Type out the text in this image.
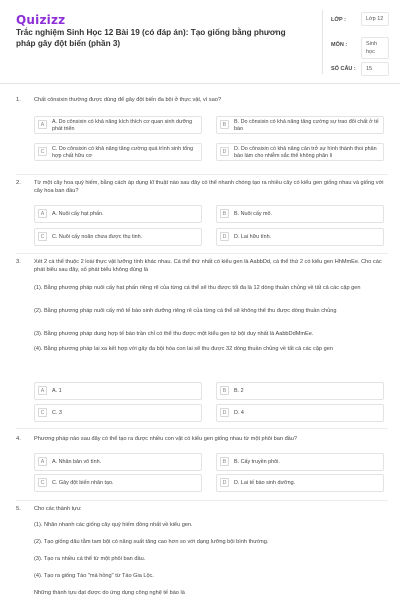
Quizizz
Trắc nghiệm Sinh Học 12 Bài 19 (có đáp án): Tạo giống bằng phương pháp gây đột biến (phần 3)
LỚP :	Lớp 12
MÔN :	Sinh học
SỐ CÂU :	15
1. Chất cônsixin thường được dùng để gây đột biến đa bội ở thực vật, vì sao?
A	A. Do cônsixin có khả năng kích thích cơ quan sinh dưỡng phát triển
B	B. Do cônsixin có khả năng tăng cường sự trao đổi chất ở tế bào
C	C. Do cônsixin có khả năng tăng cường quá trình sinh tổng hợp chất hữu cơ
D	D. Do cônsixin có khả năng cản trở sự hình thành thoi phân bào làm cho nhiễm sắc thể không phân li
2. Từ một cây hoa quý hiếm, bằng cách áp dụng kĩ thuật nào sau đây có thể nhanh chóng tạo ra nhiều cây có kiểu gen giống nhau và giống với cây hoa ban đầu?
A	A. Nuôi cấy hạt phấn.	B	B. Nuôi cấy mô.
C	C. Nuôi cấy noãn chưa được thụ tinh.	D	D. Lai hữu tính.
3. Xét 2 cá thể thuộc 2 loài thực vật lưỡng tính khác nhau. Cá thể thứ nhất có kiểu gen là AabbDd, cá thể thứ 2 có kiểu gen HhMmEe. Cho các phát biểu sau đây, số phát biểu không đúng là
(1). Bằng phương pháp nuôi cấy hạt phấn riêng rẽ của từng cá thể sẽ thu được tối đa là 12 dòng thuần chủng về tất cả các cặp gen
(2). Bằng phương pháp nuôi cấy mô tế bào sinh dưỡng riêng rẽ của từng cá thể sẽ không thể thu được dòng thuần chủng
(3). Bằng phương pháp dung hợp tế bào trần chỉ có thể thu được một kiểu gen tứ bội duy nhất là AabbDdMmEe.
(4). Bằng phương pháp lai xa kết hợp với gây đa bội hóa con lai sẽ thu được 32 dòng thuần chủng về tất cả các cặp gen
A	A. 1	B	B. 2
C	C. 3	D	D. 4
4. Phương pháp nào sau đây có thể tạo ra được nhiều con vật có kiểu gen giống nhau từ một phôi ban đầu?
A	A. Nhân bản vô tính.	B	B. Cấy truyền phôi.
C	C. Gây đột biến nhân tạo.	D	D. Lai tế bào sinh dưỡng.
5. Cho các thành tựu:
(1). Nhân nhanh các giống cây quý hiếm đồng nhất về kiểu gen.
(2). Tạo giống dâu tằm tam bội có năng suất tăng cao hơn so với dạng lưỡng bội bình thường.
(3). Tạo ra nhiều cá thể từ một phôi ban đầu.
(4). Tạo ra giống Táo "má hồng" từ Táo Gia Lộc.
Những thành tựu đạt được do ứng dụng công nghệ tế bào là
